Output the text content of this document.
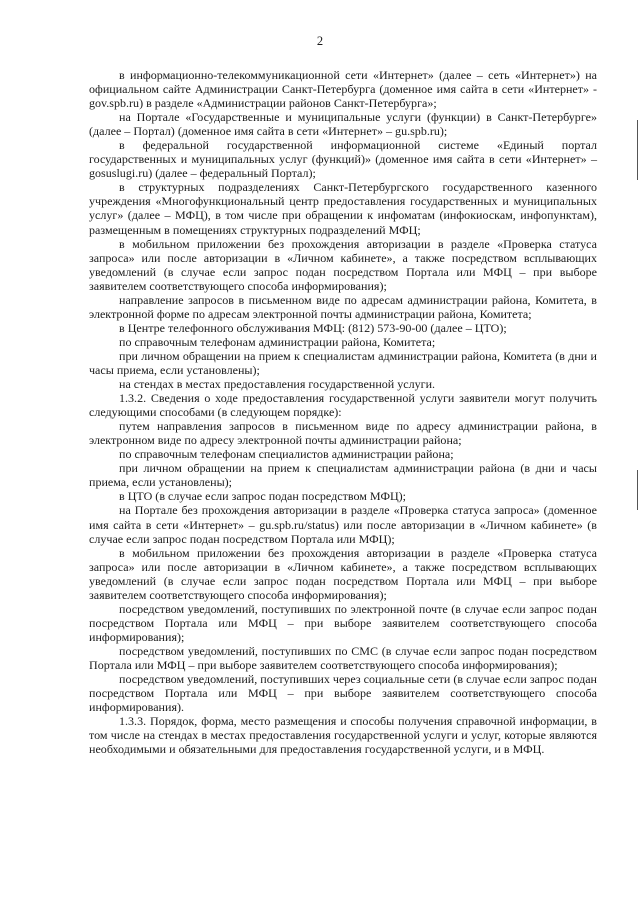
2

в информационно-телекоммуникационной сети «Интернет» (далее – сеть «Интернет») на официальном сайте Администрации Санкт-Петербурга (доменное имя сайта в сети «Интернет» - gov.spb.ru) в разделе «Администрации районов Санкт-Петербурга»;

на Портале «Государственные и муниципальные услуги (функции) в Санкт-Петербурге» (далее – Портал) (доменное имя сайта в сети «Интернет» – gu.spb.ru);

в федеральной государственной информационной системе «Единый портал государственных и муниципальных услуг (функций)» (доменное имя сайта в сети «Интернет» – gosuslugi.ru) (далее – федеральный Портал);

в структурных подразделениях Санкт-Петербургского государственного казенного учреждения «Многофункциональный центр предоставления государственных и муниципальных услуг» (далее – МФЦ), в том числе при обращении к инфоматам (инфокиоскам, инфопунктам), размещенным в помещениях структурных подразделений МФЦ;

в мобильном приложении без прохождения авторизации в разделе «Проверка статуса запроса» или после авторизации в «Личном кабинете», а также посредством всплывающих уведомлений (в случае если запрос подан посредством Портала или МФЦ – при выборе заявителем соответствующего способа информирования);

направление запросов в письменном виде по адресам администрации района, Комитета, в электронной форме по адресам электронной почты администрации района, Комитета;

в Центре телефонного обслуживания МФЦ: (812) 573-90-00 (далее – ЦТО);

по справочным телефонам администрации района, Комитета;

при личном обращении на прием к специалистам администрации района, Комитета (в дни и часы приема, если установлены);

на стендах в местах предоставления государственной услуги.

1.3.2. Сведения о ходе предоставления государственной услуги заявители могут получить следующими способами (в следующем порядке):

путем направления запросов в письменном виде по адресу администрации района, в электронном виде по адресу электронной почты администрации района;

по справочным телефонам специалистов администрации района;

при личном обращении на прием к специалистам администрации района (в дни и часы приема, если установлены);

в ЦТО (в случае если запрос подан посредством МФЦ);

на Портале без прохождения авторизации в разделе «Проверка статуса запроса» (доменное имя сайта в сети «Интернет» – gu.spb.ru/status) или после авторизации в «Личном кабинете» (в случае если запрос подан посредством Портала или МФЦ);

в мобильном приложении без прохождения авторизации в разделе «Проверка статуса запроса» или после авторизации в «Личном кабинете», а также посредством всплывающих уведомлений (в случае если запрос подан посредством Портала или МФЦ – при выборе заявителем соответствующего способа информирования);

посредством уведомлений, поступивших по электронной почте (в случае если запрос подан посредством Портала или МФЦ – при выборе заявителем соответствующего способа информирования);

посредством уведомлений, поступивших по СМС (в случае если запрос подан посредством Портала или МФЦ – при выборе заявителем соответствующего способа информирования);

посредством уведомлений, поступивших через социальные сети (в случае если запрос подан посредством Портала или МФЦ – при выборе заявителем соответствующего способа информирования).

1.3.3. Порядок, форма, место размещения и способы получения справочной информации, в том числе на стендах в местах предоставления государственной услуги и услуг, которые являются необходимыми и обязательными для предоставления государственной услуги, и в МФЦ.
